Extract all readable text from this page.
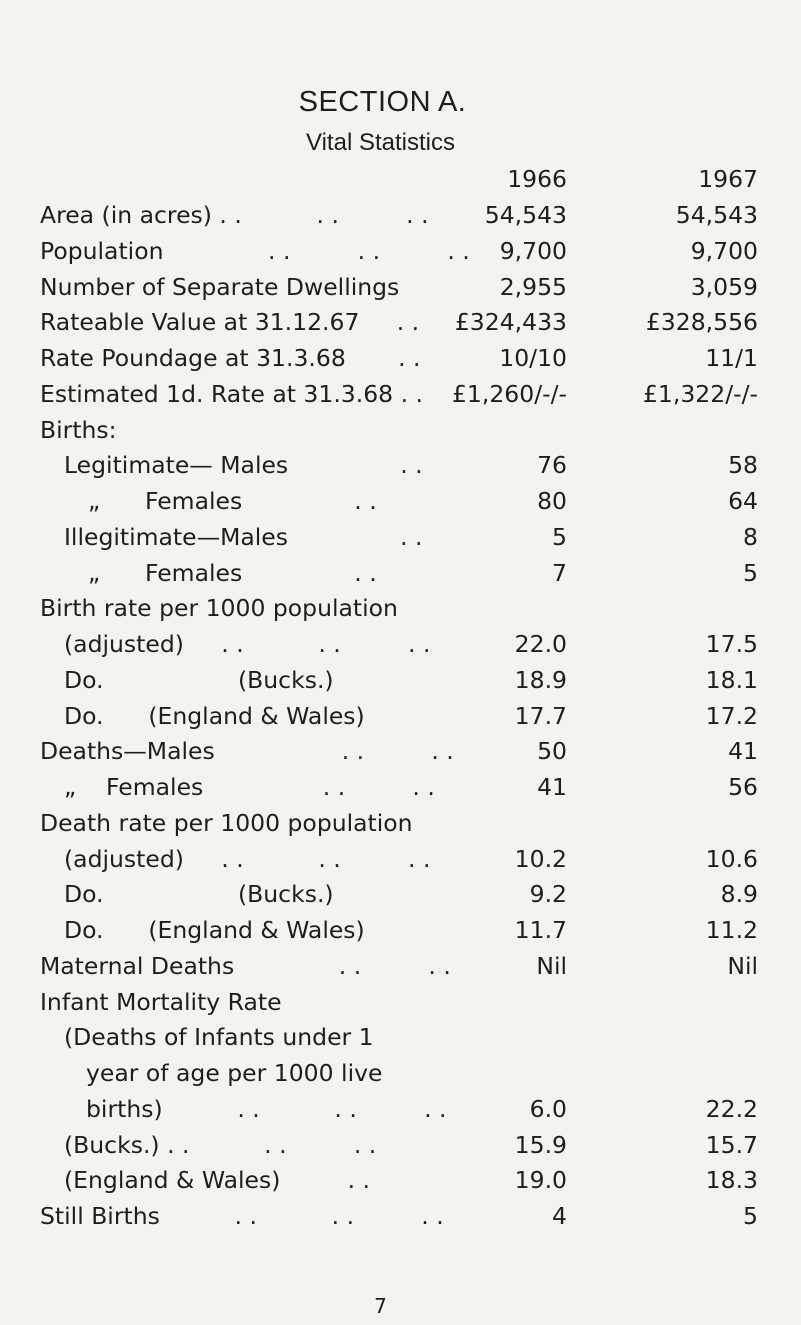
SECTION A.
Vital Statistics
1966	1967
Area (in acres) . .          . .         . .	54,543	54,543
Population              . .         . .         . .	9,700	9,700
Number of Separate Dwellings	2,955	3,059
Rateable Value at 31.12.67     . .	£324,433	£328,556
Rate Poundage at 31.3.68       . .	10/10	11/1
Estimated 1d. Rate at 31.3.68 . .	£1,260/-/-	£1,322/-/-
Births:
Legitimate— Males               . .	76	58
„      Females               . .	80	64
Illegitimate—Males               . .	5	8
„      Females               . .	7	5
Birth rate per 1000 population
(adjusted)     . .          . .         . .	22.0	17.5
Do.                  (Bucks.)	18.9	18.1
Do.      (England & Wales)	17.7	17.2
Deaths—Males                 . .         . .	50	41
„    Females                . .         . .	41	56
Death rate per 1000 population
(adjusted)     . .          . .         . .	10.2	10.6
Do.                  (Bucks.)	9.2	8.9
Do.      (England & Wales)	11.7	11.2
Maternal Deaths              . .         . .	Nil	Nil
Infant Mortality Rate
(Deaths of Infants under 1
year of age per 1000 live
births)          . .          . .         . .	6.0	22.2
(Bucks.) . .          . .         . .	15.9	15.7
(England & Wales)         . .	19.0	18.3
Still Births          . .          . .         . .	4	5
7
